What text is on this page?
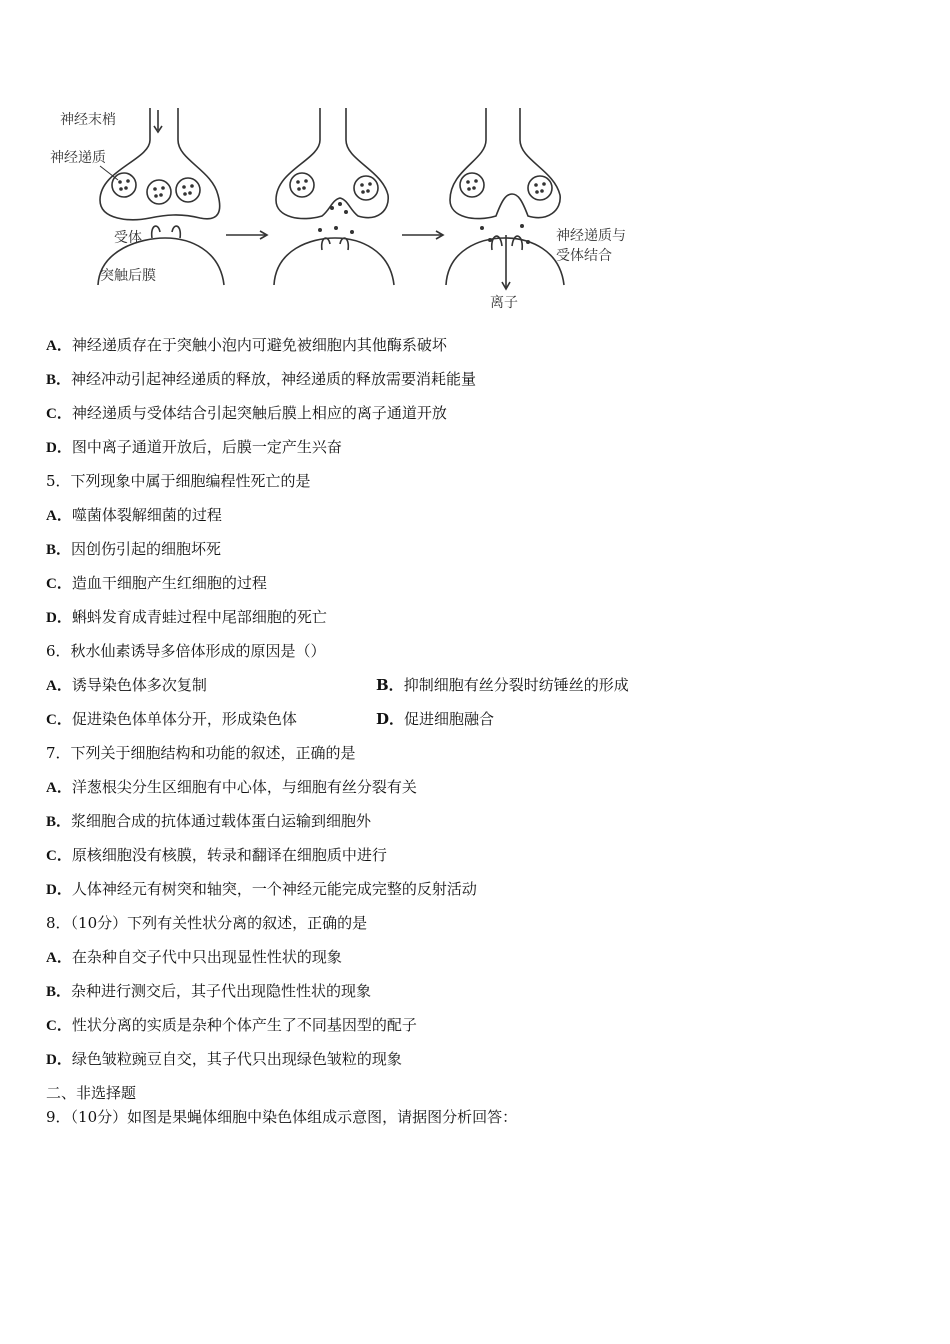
神经末梢
神经递质
受体
突触后膜
神经递质与
受体结合
离子
A．神经递质存在于突触小泡内可避免被细胞内其他酶系破坏
B．神经冲动引起神经递质的释放，神经递质的释放需要消耗能量
C．神经递质与受体结合引起突触后膜上相应的离子通道开放
D．图中离子通道开放后，后膜一定产生兴奋
5．下列现象中属于细胞编程性死亡的是
A．噬菌体裂解细菌的过程
B．因创伤引起的细胞坏死
C．造血干细胞产生红细胞的过程
D．蝌蚪发育成青蛙过程中尾部细胞的死亡
6．秋水仙素诱导多倍体形成的原因是（）
A．诱导染色体多次复制	B．抑制细胞有丝分裂时纺锤丝的形成
C．促进染色体单体分开，形成染色体	D．促进细胞融合
7．下列关于细胞结构和功能的叙述，正确的是
A．洋葱根尖分生区细胞有中心体，与细胞有丝分裂有关
B．浆细胞合成的抗体通过载体蛋白运输到细胞外
C．原核细胞没有核膜，转录和翻译在细胞质中进行
D．人体神经元有树突和轴突，一个神经元能完成完整的反射活动
8．（10分）下列有关性状分离的叙述，正确的是
A．在杂种自交子代中只出现显性性状的现象
B．杂种进行测交后，其子代出现隐性性状的现象
C．性状分离的实质是杂种个体产生了不同基因型的配子
D．绿色皱粒豌豆自交，其子代只出现绿色皱粒的现象
二、非选择题
9．（10分）如图是果蝇体细胞中染色体组成示意图，请据图分析回答：
